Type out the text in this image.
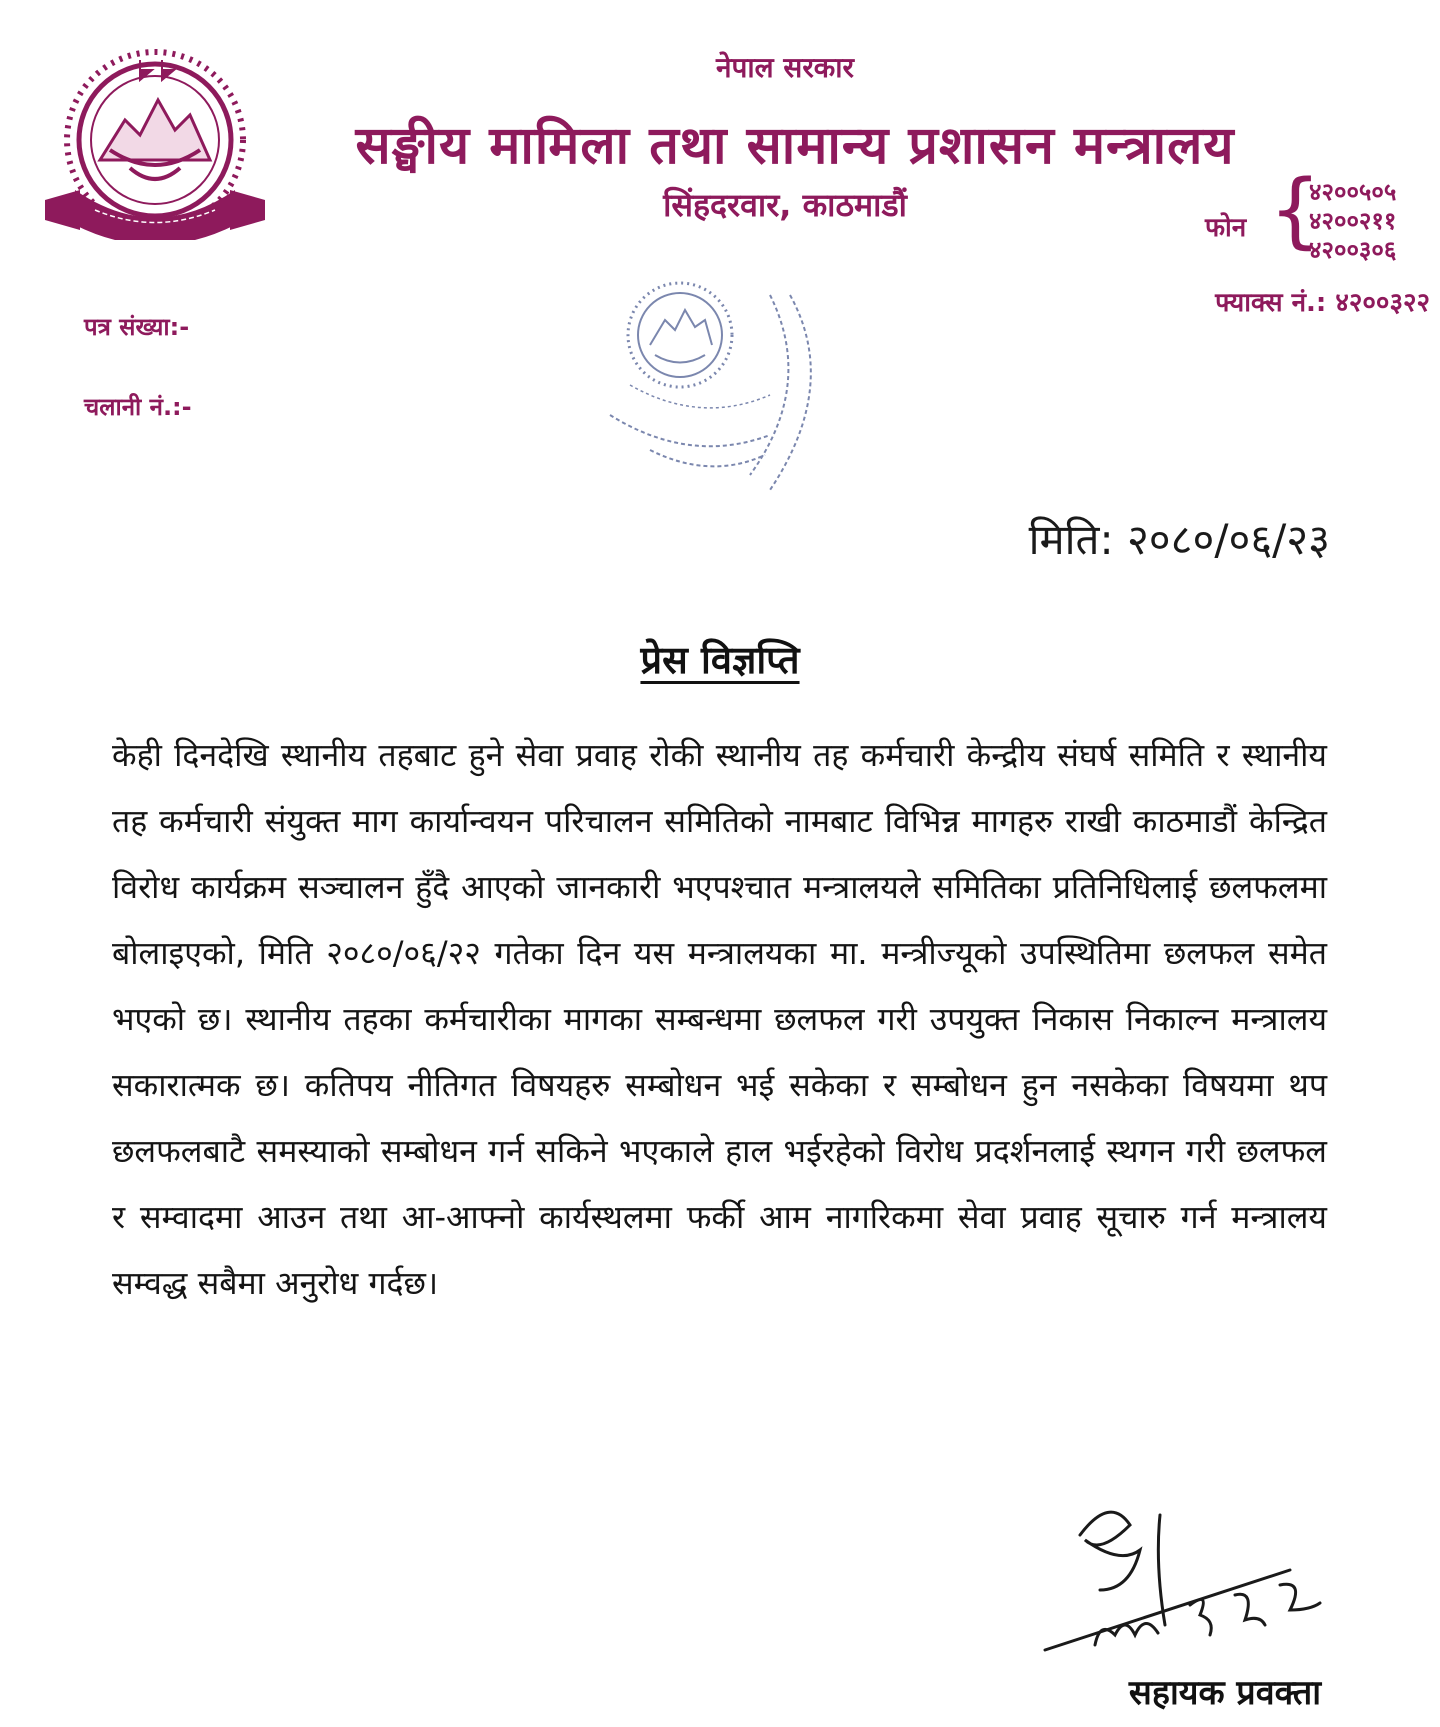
नेपाल सरकार
सङ्घीय मामिला तथा सामान्य प्रशासन मन्त्रालय
सिंहदरवार, काठमाडौं
फोन {
४२००५०५
४२००२११
४२००३०६
फ्याक्स नं.: ४२००३२२
पत्र संख्या:-
चलानी नं.:-
मिति: २०८०/०६/२३
प्रेस विज्ञप्ति
केही दिनदेखि स्थानीय तहबाट हुने सेवा प्रवाह रोकी स्थानीय तह कर्मचारी केन्द्रीय संघर्ष समिति र स्थानीय तह कर्मचारी संयुक्त माग कार्यान्वयन परिचालन समितिको नामबाट विभिन्न मागहरु राखी काठमाडौं केन्द्रित विरोध कार्यक्रम सञ्चालन हुँदै आएको जानकारी भएपश्चात मन्त्रालयले समितिका प्रतिनिधिलाई छलफलमा बोलाइएको, मिति २०८०/०६/२२ गतेका दिन यस मन्त्रालयका मा. मन्त्रीज्यूको उपस्थितिमा छलफल समेत भएको छ। स्थानीय तहका कर्मचारीका मागका सम्बन्धमा छलफल गरी उपयुक्त निकास निकाल्न मन्त्रालय सकारात्मक छ। कतिपय नीतिगत विषयहरु सम्बोधन भई सकेका र सम्बोधन हुन नसकेका विषयमा थप छलफलबाटै समस्याको सम्बोधन गर्न सकिने भएकाले हाल भईरहेको विरोध प्रदर्शनलाई स्थगन गरी छलफल र सम्वादमा आउन तथा आ-आफ्नो कार्यस्थलमा फर्की आम नागरिकमा सेवा प्रवाह सूचारु गर्न मन्त्रालय सम्वद्ध सबैमा अनुरोध गर्दछ।
सहायक प्रवक्ता
